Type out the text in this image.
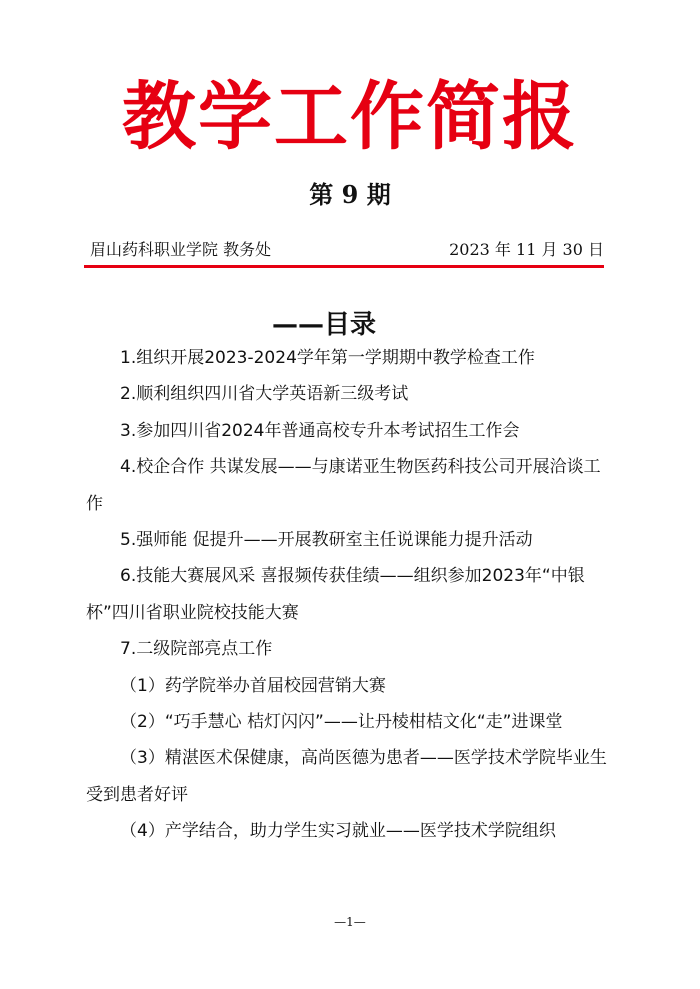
教学工作简报
第 9 期
眉山药科职业学院 教务处	2023 年 11 月 30 日
——目录

1.组织开展2023-2024学年第一学期期中教学检查工作

2.顺利组织四川省大学英语新三级考试

3.参加四川省2024年普通高校专升本考试招生工作会

4.校企合作 共谋发展——与康诺亚生物医药科技公司开展洽谈工作

5.强师能 促提升——开展教研室主任说课能力提升活动

6.技能大赛展风采 喜报频传获佳绩——组织参加2023年“中银杯”四川省职业院校技能大赛

7.二级院部亮点工作

（1）药学院举办首届校园营销大赛

（2）“巧手慧心 桔灯闪闪”——让丹棱柑桔文化“走”进课堂

（3）精湛医术保健康，高尚医德为患者——医学技术学院毕业生受到患者好评

（4）产学结合，助力学生实习就业——医学技术学院组织

—1—
